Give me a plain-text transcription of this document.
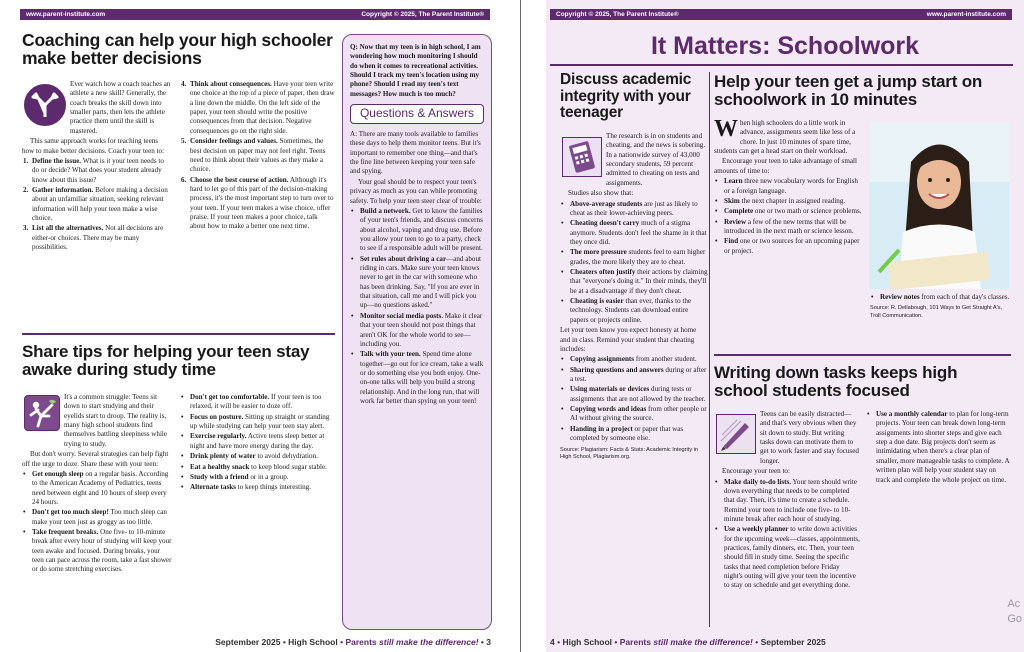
www.parent-institute.com	Copyright © 2025, The Parent Institute®
Coaching can help your high schooler make better decisions

Ever watch how a coach teaches an athlete a new skill? Generally, the coach breaks the skill down into smaller parts, then lets the athlete practice them until the skill is mastered.

This same approach works for teaching teens how to make better decisions. Coach your teen to:

1. Define the issue. What is it your teen needs to do or decide? What does your student already know about this issue?
2. Gather information. Before making a decision about an unfamiliar situation, seeking relevant information will help your teen make a wise choice.
3. List all the alternatives. Not all decisions are either-or choices. There may be many possibilities.
4. Think about consequences. Have your teen write one choice at the top of a piece of paper, then draw a line down the middle. On the left side of the paper, your teen should write the positive consequences from that decision. Negative consequences go on the right side.
5. Consider feelings and values. Sometimes, the best decision on paper may not feel right. Teens need to think about their values as they make a choice.
6. Choose the best course of action. Although it's hard to let go of this part of the decision-making process, it's the most important step to turn over to your teen. If your teen makes a wise choice, offer praise. If your teen makes a poor choice, talk about how to make a better one next time.
Share tips for helping your teen stay awake during study time

It's a common struggle: Teens sit down to start studying and their eyelids start to droop. The reality is, many high school students find themselves battling sleepiness while trying to study.

But don't worry. Several strategies can help fight off the urge to doze. Share these with your teen:

• Get enough sleep on a regular basis. According to the American Academy of Pediatrics, teens need between eight and 10 hours of sleep every 24 hours.
• Don't get too much sleep! Too much sleep can make your teen just as groggy as too little.
• Take frequent breaks. One five- to 10-minute break after every hour of studying will keep your teen awake and focused. During breaks, your teen can pace across the room, take a fast shower or do some stretching exercises.
• Don't get too comfortable. If your teen is too relaxed, it will be easier to doze off.
• Focus on posture. Sitting up straight or standing up while studying can help your teen stay alert.
• Exercise regularly. Active teens sleep better at night and have more energy during the day.
• Drink plenty of water to avoid dehydration.
• Eat a healthy snack to keep blood sugar stable.
• Study with a friend or in a group.
• Alternate tasks to keep things interesting.

Q: Now that my teen is in high school, I am wondering how much monitoring I should do when it comes to recreational activities. Should I track my teen's location using my phone? Should I read my teen's text messages? How much is too much?

Questions & Answers

A: There are many tools available to families these days to help them monitor teens. But it's important to remember one thing—and that's the fine line between keeping your teen safe and spying.

Your goal should be to respect your teen's privacy as much as you can while promoting safety. To help your teen steer clear of trouble:

• Build a network. Get to know the families of your teen's friends, and discuss concerns about alcohol, vaping and drug use. Before you allow your teen to go to a party, check to see if a responsible adult will be present.
• Set rules about driving a car—and about riding in cars. Make sure your teen knows never to get in the car with someone who has been drinking. Say, "If you are ever in that situation, call me and I will pick you up—no questions asked."
• Monitor social media posts. Make it clear that your teen should not post things that aren't OK for the whole world to see—including you.
• Talk with your teen. Spend time alone together—go out for ice cream, take a walk or do something else you both enjoy. One-on-one talks will help you build a strong relationship. And in the long run, that will work far better than spying on your teen!
September 2025 • High School • Parents still make the difference! • 3
Copyright © 2025, The Parent Institute®	www.parent-institute.com
It Matters: Schoolwork
Discuss academic integrity with your teenager

The research is in on students and cheating, and the news is sobering. In a nationwide survey of 43,000 secondary students, 59 percent admitted to cheating on tests and assignments.

Studies also show that:

• Above-average students are just as likely to cheat as their lower-achieving peers.
• Cheating doesn't carry much of a stigma anymore. Students don't feel the shame in it that they once did.
• The more pressure students feel to earn higher grades, the more likely they are to cheat.
• Cheaters often justify their actions by claiming that "everyone's doing it." In their minds, they'll be at a disadvantage if they don't cheat.
• Cheating is easier than ever, thanks to the technology. Students can download entire papers or projects online.

Let your teen know you expect honesty at home and in class. Remind your student that cheating includes:

• Copying assignments from another student.
• Sharing questions and answers during or after a test.
• Using materials or devices during tests or assignments that are not allowed by the teacher.
• Copying words and ideas from other people or AI without giving the source.
• Handing in a project or paper that was completed by someone else.
Source: Plagiarism: Facts & Stats: Academic Integrity in High School, Plagiarism.org.
Help your teen get a jump start on schoolwork in 10 minutes

When high schoolers do a little work in advance, assignments seem like less of a chore. In just 10 minutes of spare time, students can get a head start on their workload.

Encourage your teen to take advantage of small amounts of time to:

• Learn three new vocabulary words for English or a foreign language.
• Skim the next chapter in assigned reading.
• Complete one or two math or science problems.
• Review a few of the new terms that will be introduced in the next math or science lesson.
• Find one or two sources for an upcoming paper or project.
• Review notes from each of that day's classes.
Source: R. Dellabough, 101 Ways to Get Straight A's, Troll Communication.
Writing down tasks keeps high school students focused

Teens can be easily distracted—and that's very obvious when they sit down to study. But writing tasks down can motivate them to get to work faster and stay focused longer.

Encourage your teen to:

• Make daily to-do lists. Your teen should write down everything that needs to be completed that day. Then, it's time to create a schedule. Remind your teen to include one five- to 10-minute break after each hour of studying.
• Use a weekly planner to write down activities for the upcoming week—classes, appointments, practices, family dinners, etc. Then, your teen should fill in study time. Seeing the specific tasks that need completion before Friday night's outing will give your teen the incentive to stay on schedule and get everything done.
• Use a monthly calendar to plan for long-term projects. Your teen can break down long-term assignments into shorter steps and give each step a due date. Big projects don't seem as intimidating when there's a clear plan of smaller, more manageable tasks to complete. A written plan will help your student stay on track and complete the whole project on time.
4 • High School • Parents still make the difference! • September 2025
Ac
Go
